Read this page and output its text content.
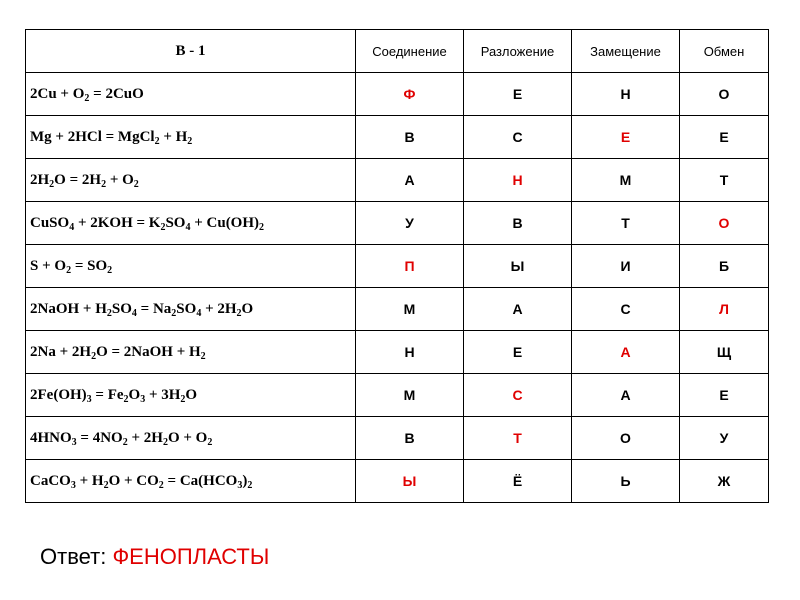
В - 1	Соединение	Разложение	Замещение	Обмен
$2Cu + O_2 = 2CuO$	Ф	Е	Н	О
Mg + 2HCl = MgCl$_2$ + $H_2$	В	С	Е	Е
$2H_2O = 2H_2 + O_2$	А	Н	М	Т
CuSO$_4$ + $2KOH = K_2SO_4 + Cu(OH)_2$	У	В	Т	О
$S + O_2 = SO_2$	П	Ы	И	Б
2NaOH + $H_2SO_4 = Na_2SO_4 + 2H_2O$	М	А	С	Л
$2Na + 2H_2O$ = 2NaOH + $H_2$	Н	Е	А	Щ
$2Fe(OH)_3 = Fe_2O_3 + 3H_2O$	М	С	А	Е
$4HNO_3 = 4NO_2 + 2H_2O + O_2$	В	Т	О	У
CaCO$_3$ + $H_2O + CO_2 = Ca(HCO_3)_2$	Ы	Ё	Ь	Ж
Ответ: ФЕНОПЛАСТЫ
